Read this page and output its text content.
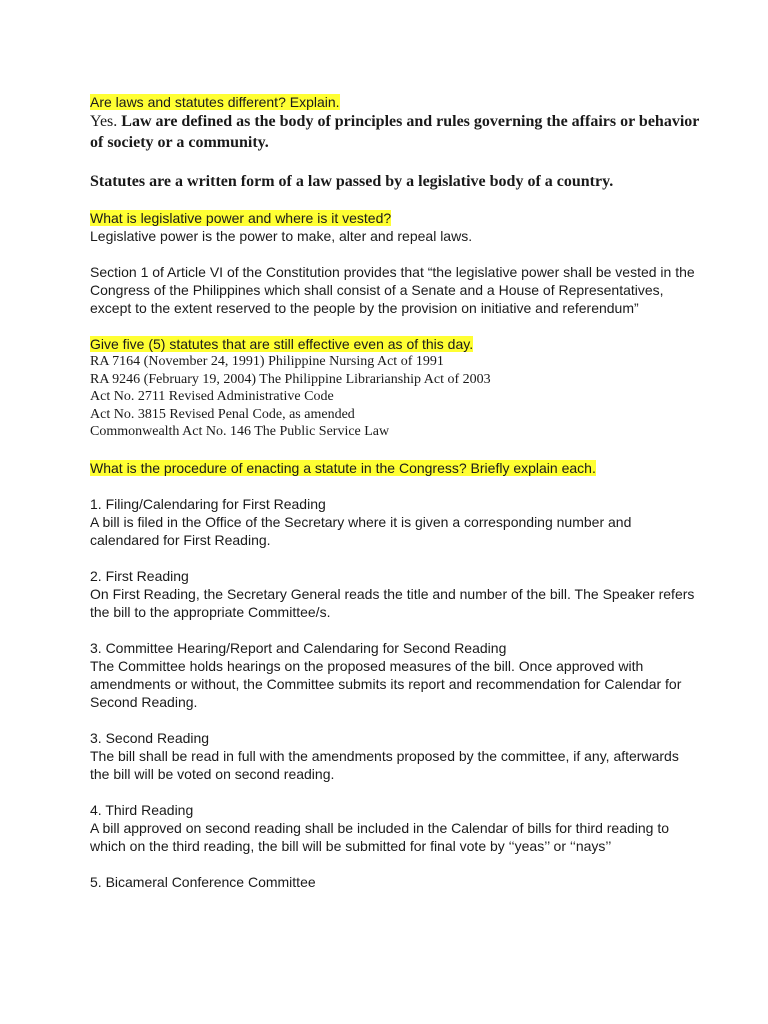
Are laws and statutes different? Explain.

Yes. Law are defined as the body of principles and rules governing the affairs or behavior of society or a community.

Statutes are a written form of a law passed by a legislative body of a country.

What is legislative power and where is it vested?

Legislative power is the power to make, alter and repeal laws.

Section 1 of Article VI of the Constitution provides that “the legislative power shall be vested in the Congress of the Philippines which shall consist of a Senate and a House of Representatives, except to the extent reserved to the people by the provision on initiative and referendum”

Give five (5) statutes that are still effective even as of this day.

RA 7164 (November 24, 1991) Philippine Nursing Act of 1991

RA 9246 (February 19, 2004) The Philippine Librarianship Act of 2003

Act No. 2711 Revised Administrative Code

Act No. 3815 Revised Penal Code, as amended

Commonwealth Act No. 146 The Public Service Law

What is the procedure of enacting a statute in the Congress? Briefly explain each.

1. Filing/Calendaring for First Reading

A bill is filed in the Office of the Secretary where it is given a corresponding number and calendared for First Reading.

2. First Reading

On First Reading, the Secretary General reads the title and number of the bill. The Speaker refers the bill to the appropriate Committee/s.

3. Committee Hearing/Report and Calendaring for Second Reading

The Committee holds hearings on the proposed measures of the bill. Once approved with amendments or without, the Committee submits its report and recommendation for Calendar for Second Reading.

3. Second Reading

The bill shall be read in full with the amendments proposed by the committee, if any, afterwards the bill will be voted on second reading.

4. Third Reading

A bill approved on second reading shall be included in the Calendar of bills for third reading to which on the third reading, the bill will be submitted for final vote by ‘‘yeas’’ or ‘‘nays’’

5. Bicameral Conference Committee
